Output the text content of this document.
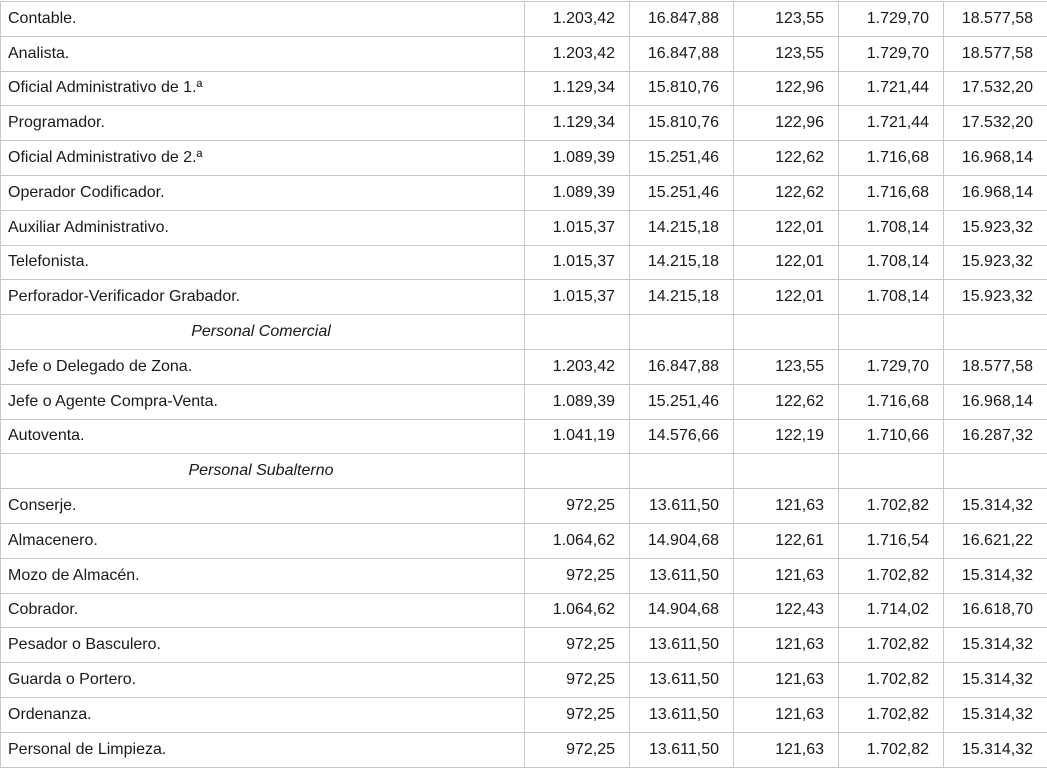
Contable.	1.203,42	16.847,88	123,55	1.729,70	18.577,58
Analista.	1.203,42	16.847,88	123,55	1.729,70	18.577,58
Oficial Administrativo de 1.ª	1.129,34	15.810,76	122,96	1.721,44	17.532,20
Programador.	1.129,34	15.810,76	122,96	1.721,44	17.532,20
Oficial Administrativo de 2.ª	1.089,39	15.251,46	122,62	1.716,68	16.968,14
Operador Codificador.	1.089,39	15.251,46	122,62	1.716,68	16.968,14
Auxiliar Administrativo.	1.015,37	14.215,18	122,01	1.708,14	15.923,32
Telefonista.	1.015,37	14.215,18	122,01	1.708,14	15.923,32
Perforador-Verificador Grabador.	1.015,37	14.215,18	122,01	1.708,14	15.923,32
Personal Comercial					
Jefe o Delegado de Zona.	1.203,42	16.847,88	123,55	1.729,70	18.577,58
Jefe o Agente Compra-Venta.	1.089,39	15.251,46	122,62	1.716,68	16.968,14
Autoventa.	1.041,19	14.576,66	122,19	1.710,66	16.287,32
Personal Subalterno					
Conserje.	972,25	13.611,50	121,63	1.702,82	15.314,32
Almacenero.	1.064,62	14.904,68	122,61	1.716,54	16.621,22
Mozo de Almacén.	972,25	13.611,50	121,63	1.702,82	15.314,32
Cobrador.	1.064,62	14.904,68	122,43	1.714,02	16.618,70
Pesador o Basculero.	972,25	13.611,50	121,63	1.702,82	15.314,32
Guarda o Portero.	972,25	13.611,50	121,63	1.702,82	15.314,32
Ordenanza.	972,25	13.611,50	121,63	1.702,82	15.314,32
Personal de Limpieza.	972,25	13.611,50	121,63	1.702,82	15.314,32
